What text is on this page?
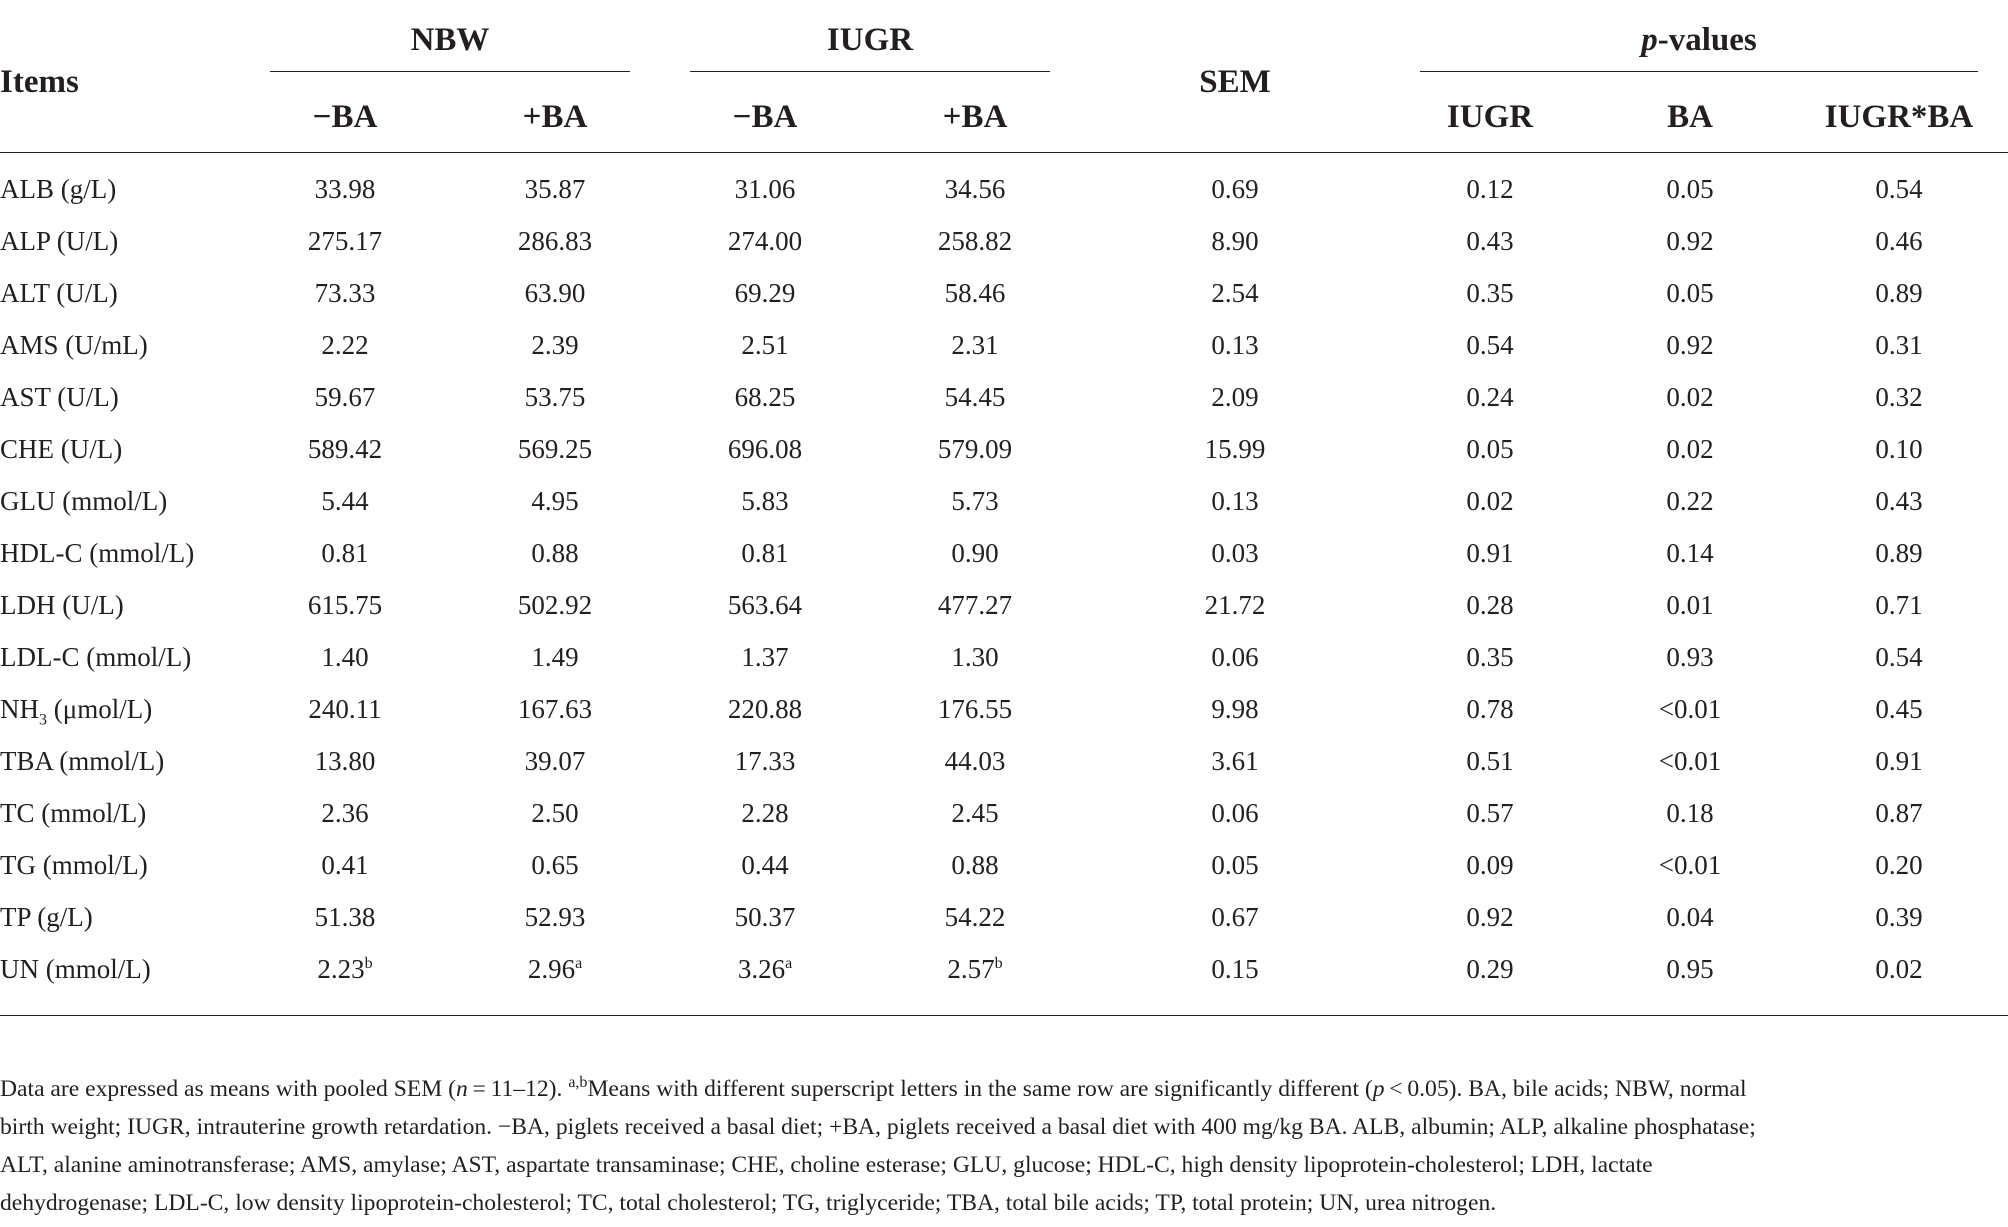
Items	NBW		IUGR		SEM	p-values		

	−BA	+BA	−BA	+BA		IUGR	BA	IUGR*BA
ALB (g/L)	33.98	35.87	31.06	34.56	0.69	0.12	0.05	0.54
ALP (U/L)	275.17	286.83	274.00	258.82	8.90	0.43	0.92	0.46
ALT (U/L)	73.33	63.90	69.29	58.46	2.54	0.35	0.05	0.89
AMS (U/mL)	2.22	2.39	2.51	2.31	0.13	0.54	0.92	0.31
AST (U/L)	59.67	53.75	68.25	54.45	2.09	0.24	0.02	0.32
CHE (U/L)	589.42	569.25	696.08	579.09	15.99	0.05	0.02	0.10
GLU (mmol/L)	5.44	4.95	5.83	5.73	0.13	0.02	0.22	0.43
HDL-C (mmol/L)	0.81	0.88	0.81	0.90	0.03	0.91	0.14	0.89
LDH (U/L)	615.75	502.92	563.64	477.27	21.72	0.28	0.01	0.71
LDL-C (mmol/L)	1.40	1.49	1.37	1.30	0.06	0.35	0.93	0.54
$NH_3$ (μmol/L)	240.11	167.63	220.88	176.55	9.98	0.78	<0.01	0.45
TBA (mmol/L)	13.80	39.07	17.33	44.03	3.61	0.51	<0.01	0.91
TC (mmol/L)	2.36	2.50	2.28	2.45	0.06	0.57	0.18	0.87
TG (mmol/L)	0.41	0.65	0.44	0.88	0.05	0.09	<0.01	0.20
TP (g/L)	51.38	52.93	50.37	54.22	0.67	0.92	0.04	0.39
UN (mmol/L)	2.23$^b$	2.96$^a$	3.26$^a$	2.57$^b$	0.15	0.29	0.95	0.02

Data are expressed as means with pooled SEM (n = 11–12). $^{a,b}$Means with different superscript letters in the same row are significantly different (p < 0.05). BA, bile acids; NBW, normal

birth weight; IUGR, intrauterine growth retardation. −BA, piglets received a basal diet; +BA, piglets received a basal diet with 400 mg/kg BA. ALB, albumin; ALP, alkaline phosphatase;

ALT, alanine aminotransferase; AMS, amylase; AST, aspartate transaminase; CHE, choline esterase; GLU, glucose; HDL-C, high density lipoprotein-cholesterol; LDH, lactate

dehydrogenase; LDL-C, low density lipoprotein-cholesterol; TC, total cholesterol; TG, triglyceride; TBA, total bile acids; TP, total protein; UN, urea nitrogen.
